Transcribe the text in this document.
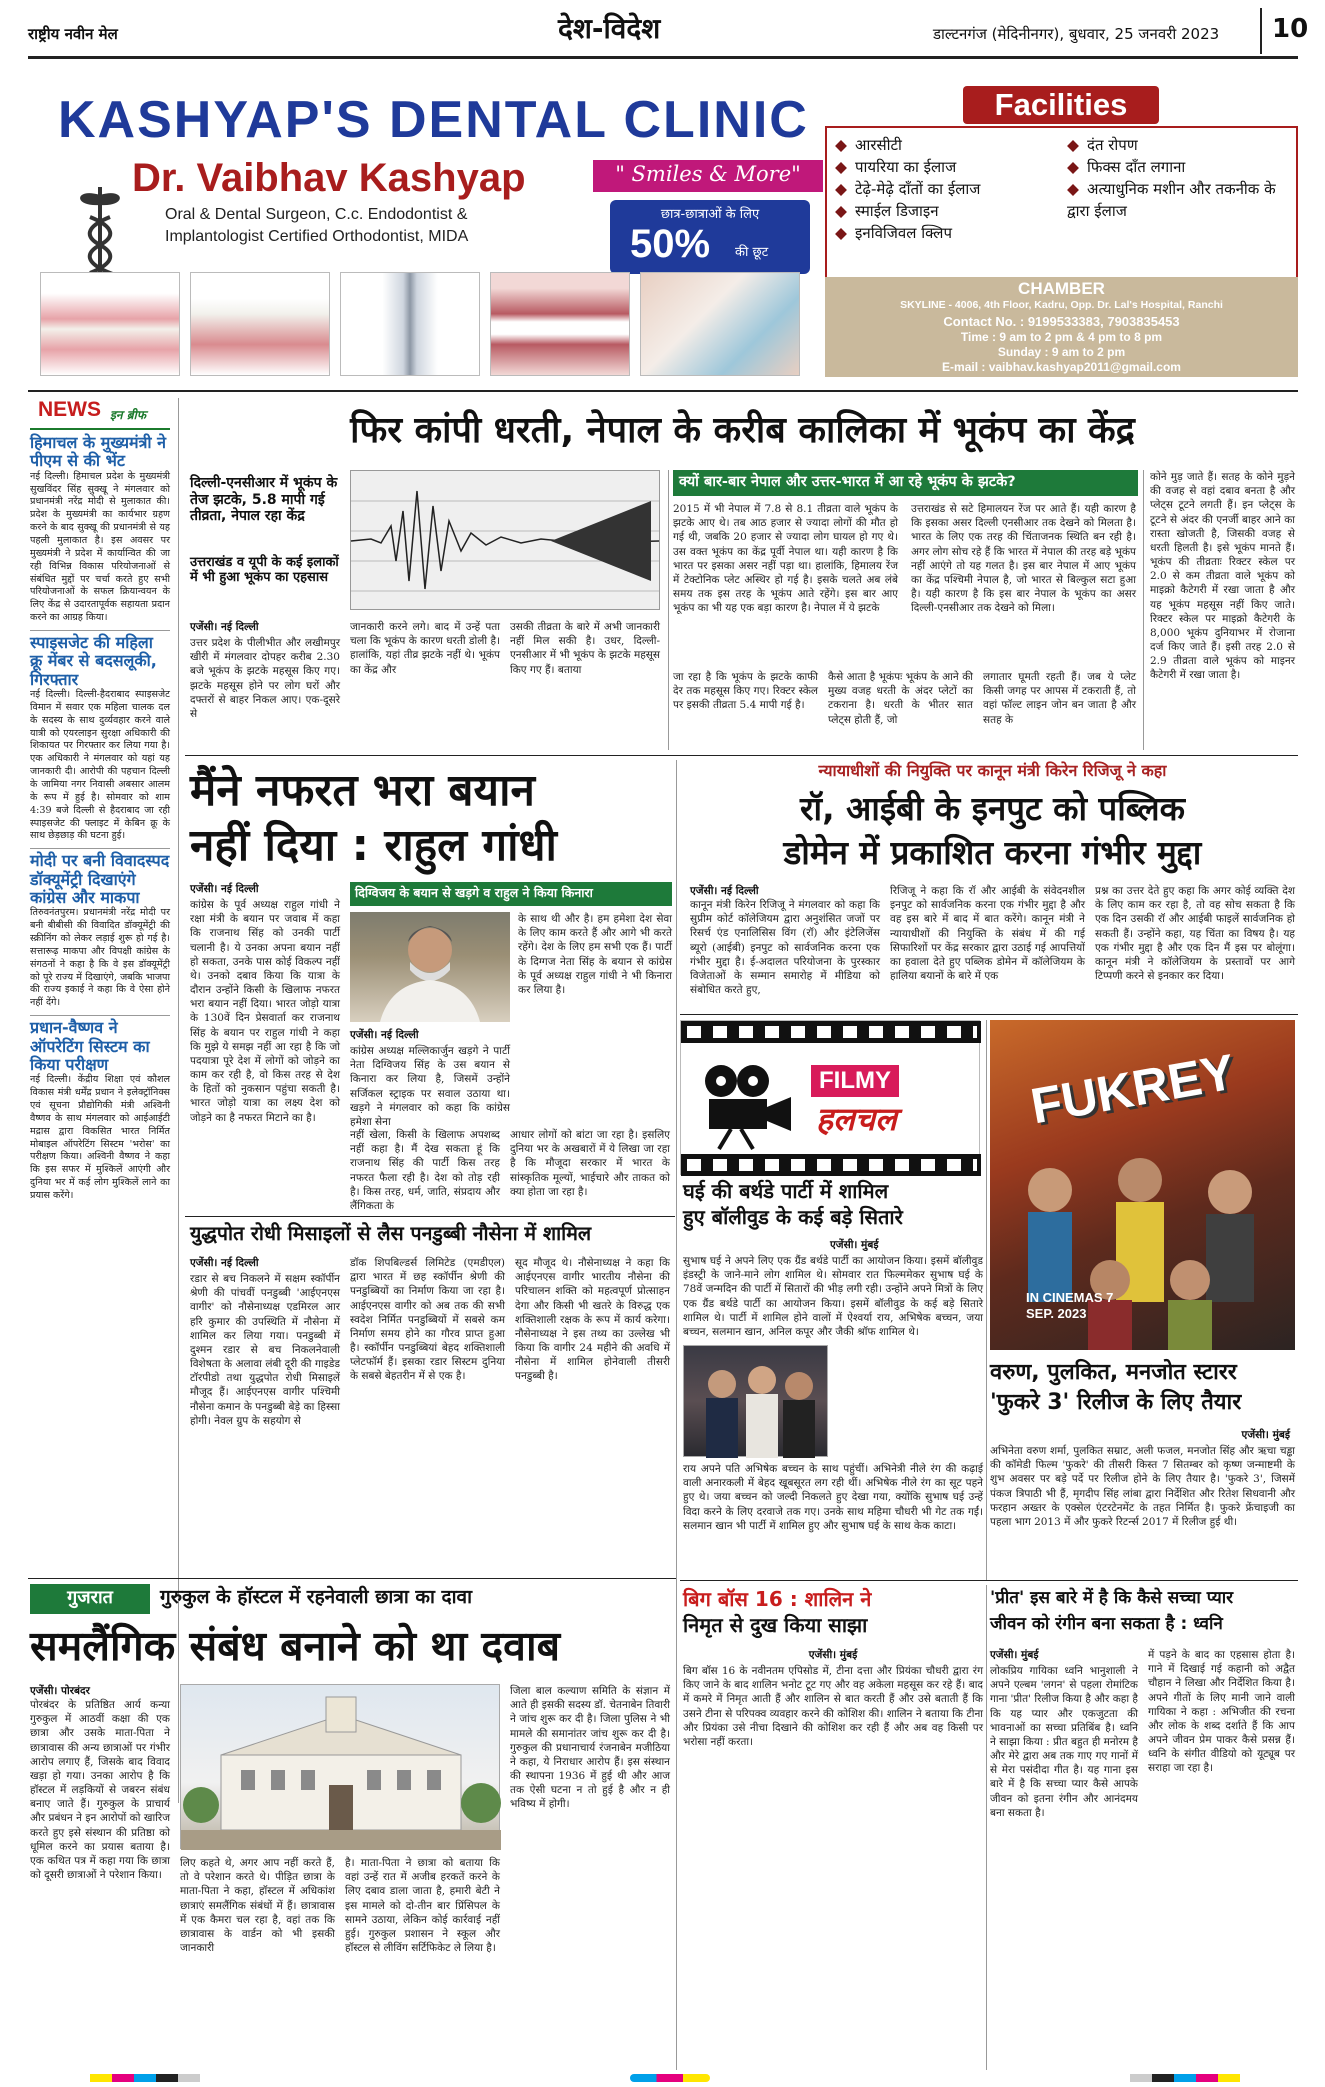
राष्ट्रीय नवीन मेल	देश-विदेश	डाल्टनगंज (मेदिनीनगर), बुधवार, 25 जनवरी 2023 10
KASHYAP'S DENTAL CLINIC
Dr. Vaibhav Kashyap
Oral & Dental Surgeon, C.c. Endodontist &
Implantologist Certified Orthodontist, MIDA
" Smiles & More"
छात्र-छात्राओं के लिए
50% की छूट
Facilities
आरसीटी
पायरिया का ईलाज
टेढ़े-मेढ़े दाँतों का ईलाज
स्माईल डिजाइन
इनविजिवल क्लिप
दंत रोपण
फिक्स दाँत लगाना
अत्याधुनिक मशीन और तकनीक के द्वारा ईलाज
CHAMBER
SKYLINE - 4006, 4th Floor, Kadru, Opp. Dr. Lal's Hospital, Ranchi
Contact No. : 9199533383, 7903835453
Time : 9 am to 2 pm & 4 pm to 8 pm
Sunday : 9 am to 2 pm
E-mail : vaibhav.kashyap2011@gmail.com
NEWS इन ब्रीफ
हिमाचल के मुख्यमंत्री ने पीएम से की भेंट
नई दिल्ली। हिमाचल प्रदेश के मुख्यमंत्री सुखविंदर सिंह सुक्खू ने मंगलवार को प्रधानमंत्री नरेंद्र मोदी से मुलाकात की। प्रदेश के मुख्यमंत्री का कार्यभार ग्रहण करने के बाद सुक्खू की प्रधानमंत्री से यह पहली मुलाकात है। इस अवसर पर मुख्यमंत्री ने प्रदेश में कार्यान्वित की जा रही विभिन्न विकास परियोजनाओं से संबंधित मुद्दों पर चर्चा करते हुए सभी परियोजनाओं के सफल क्रियान्वयन के लिए केंद्र से उदारतापूर्वक सहायता प्रदान करने का आग्रह किया।
स्पाइसजेट की महिला क्रू मेंबर से बदसलूकी, गिरफ्तार
नई दिल्ली। दिल्ली-हैदराबाद स्पाइसजेट विमान में सवार एक महिला चालक दल के सदस्य के साथ दुर्व्यवहार करने वाले यात्री को एयरलाइन सुरक्षा अधिकारी की शिकायत पर गिरफ्तार कर लिया गया है। एक अधिकारी ने मंगलवार को यहां यह जानकारी दी। आरोपी की पहचान दिल्ली के जामिया नगर निवासी अबसार आलम के रूप में हुई है। सोमवार को शाम 4:39 बजे दिल्ली से हैदराबाद जा रही स्पाइसजेट की फ्लाइट में केबिन क्रू के साथ छेड़छाड़ की घटना हुई।
मोदी पर बनी विवादस्पद डॉक्यूमेंट्री दिखाएंगे कांग्रेस और माकपा
तिरुवनंतपुरम। प्रधानमंत्री नरेंद्र मोदी पर बनी बीबीसी की विवादित डॉक्यूमेंट्री की स्क्रीनिंग को लेकर लड़ाई शुरू हो गई है। सत्तारूढ़ माकपा और विपक्षी कांग्रेस के संगठनों ने कहा है कि वे इस डॉक्यूमेंट्री को पूरे राज्य में दिखाएंगे, जबकि भाजपा की राज्य इकाई ने कहा कि वे ऐसा होने नहीं देंगे।
प्रधान-वैष्णव ने ऑपरेटिंग सिस्टम का किया परीक्षण
नई दिल्ली। केंद्रीय शिक्षा एवं कौशल विकास मंत्री धर्मेंद्र प्रधान ने इलेक्ट्रॉनिक्स एवं सूचना प्रौद्योगिकी मंत्री अश्विनी वैष्णव के साथ मंगलवार को आईआईटी मद्रास द्वारा विकसित भारत निर्मित मोबाइल ऑपरेटिंग सिस्टम 'भरोस' का परीक्षण किया। अश्विनी वैष्णव ने कहा कि इस सफर में मुश्किलें आएंगी और दुनिया भर में कई लोग मुश्किलें लाने का प्रयास करेंगे।
फिर कांपी धरती, नेपाल के करीब कालिका में भूकंप का केंद्र
दिल्ली-एनसीआर में भूकंप के तेज झटके, 5.8 मापी गई तीव्रता, नेपाल रहा केंद्र
उत्तराखंड व यूपी के कई इलाकों में भी हुआ भूकंप का एहसास
एजेंसी। नई दिल्ली
उत्तर प्रदेश के पीलीभीत और लखीमपुर खीरी में मंगलवार दोपहर करीब 2.30 बजे भूकंप के झटके महसूस किए गए। झटके महसूस होने पर लोग घरों और दफ्तरों से बाहर निकल आए। एक-दूसरे से
जानकारी करने लगे। बाद में उन्हें पता चला कि भूकंप के कारण धरती डोली है। हालांकि, यहां तीव्र झटके नहीं थे। भूकंप का केंद्र और
उसकी तीव्रता के बारे में अभी जानकारी नहीं मिल सकी है। उधर, दिल्ली-एनसीआर में भी भूकंप के झटके महसूस किए गए हैं। बताया
क्यों बार-बार नेपाल और उत्तर-भारत में आ रहे भूकंप के झटके?
2015 में भी नेपाल में 7.8 से 8.1 तीव्रता वाले भूकंप के झटके आए थे। तब आठ हजार से ज्यादा लोगों की मौत हो गई थी, जबकि 20 हजार से ज्यादा लोग घायल हो गए थे। उस वक्त भूकंप का केंद्र पूर्वी नेपाल था। यही कारण है कि भारत पर इसका असर नहीं पड़ा था। हालांकि, हिमालय रेंज में टेक्टोनिक प्लेट अस्थिर हो गई है। इसके चलते अब लंबे समय तक इस तरह के भूकंप आते रहेंगे। इस बार आए भूकंप का भी यह एक बड़ा कारण है। नेपाल में ये झटके
उत्तराखंड से सटे हिमालयन रेंज पर आते हैं। यही कारण है कि इसका असर दिल्ली एनसीआर तक देखने को मिलता है। भारत के लिए एक तरह की चिंताजनक स्थिति बन रही है। अगर लोग सोच रहे हैं कि भारत में नेपाल की तरह बड़े भूकंप नहीं आएंगे तो यह गलत है। इस बार नेपाल में आए भूकंप का केंद्र पश्चिमी नेपाल है, जो भारत से बिल्कुल सटा हुआ है। यही कारण है कि इस बार नेपाल के भूकंप का असर दिल्ली-एनसीआर तक देखने को मिला।
जा रहा है कि भूकंप के झटके काफी देर तक महसूस किए गए। रिक्टर स्केल पर इसकी तीव्रता 5.4 मापी गई है।
कैसे आता है भूकंपः भूकंप के आने की मुख्य वजह धरती के अंदर प्लेटों का टकराना है। धरती के भीतर सात प्लेट्स होती हैं, जो
लगातार घूमती रहती हैं। जब ये प्लेट किसी जगह पर आपस में टकराती हैं, तो वहां फॉल्ट लाइन जोन बन जाता है और सतह के
कोने मुड़ जाते हैं। सतह के कोने मुड़ने की वजह से वहां दबाव बनता है और प्लेट्स टूटने लगती हैं। इन प्लेट्स के टूटने से अंदर की एनर्जी बाहर आने का रास्ता खोजती है, जिसकी वजह से धरती हिलती है। इसे भूकंप मानते हैं। भूकंप की तीव्रताः रिक्टर स्केल पर 2.0 से कम तीव्रता वाले भूकंप को माइक्रो कैटेगरी में रखा जाता है और यह भूकंप महसूस नहीं किए जाते। रिक्टर स्केल पर माइक्रो कैटेगरी के 8,000 भूकंप दुनियाभर में रोजाना दर्ज किए जाते हैं। इसी तरह 2.0 से 2.9 तीव्रता वाले भूकंप को माइनर कैटेगरी में रखा जाता है।
मैंने नफरत भरा बयान
नहीं दिया : राहुल गांधी
एजेंसी। नई दिल्ली
कांग्रेस के पूर्व अध्यक्ष राहुल गांधी ने रक्षा मंत्री के बयान पर जवाब में कहा कि राजनाथ सिंह को उनकी पार्टी चलानी है। ये उनका अपना बयान नहीं हो सकता, उनके पास कोई विकल्प नहीं थे। उनको दबाव किया कि यात्रा के दौरान उन्होंने किसी के खिलाफ नफरत भरा बयान नहीं दिया। भारत जोड़ो यात्रा के 130वें दिन प्रेसवार्ता कर राजनाथ सिंह के बयान पर राहुल गांधी ने कहा कि मुझे ये समझ नहीं आ रहा है कि जो पदयात्रा पूरे देश में लोगों को जोड़ने का काम कर रही है, वो किस तरह से देश के हितों को नुकसान पहुंचा सकती है। भारत जोड़ो यात्रा का लक्ष्य देश को जोड़ने का है नफरत मिटाने का है।
दिग्विजय के बयान से खड़गे व राहुल ने किया किनारा
एजेंसी। नई दिल्ली
कांग्रेस अध्यक्ष मल्लिकार्जुन खड़गे ने पार्टी नेता दिग्विजय सिंह के उस बयान से किनारा कर लिया है, जिसमें उन्होंने सर्जिकल स्ट्राइक पर सवाल उठाया था। खड़गे ने मंगलवार को कहा कि कांग्रेस हमेशा सेना
के साथ थी और है। हम हमेशा देश सेवा के लिए काम करते हैं और आगे भी करते रहेंगे। देश के लिए हम सभी एक हैं। पार्टी के दिग्गज नेता सिंह के बयान से कांग्रेस के पूर्व अध्यक्ष राहुल गांधी ने भी किनारा कर लिया है।
नहीं खेला, किसी के खिलाफ अपशब्द नहीं कहा है। मैं देख सकता हूं कि राजनाथ सिंह की पार्टी किस तरह नफरत फैला रही है। देश को तोड़ रही है। किस तरह, धर्म, जाति, संप्रदाय और लैंगिकता के
आधार लोगों को बांटा जा रहा है। इसलिए दुनिया भर के अखबारों में ये लिखा जा रहा है कि मौजूदा सरकार में भारत के सांस्कृतिक मूल्यों, भाईचारे और ताकत को क्या होता जा रहा है।
न्यायाधीशों की नियुक्ति पर कानून मंत्री किरेन रिजिजू ने कहा
रॉ, आईबी के इनपुट को पब्लिक
डोमेन में प्रकाशित करना गंभीर मुद्दा
एजेंसी। नई दिल्ली
कानून मंत्री किरेन रिजिजू ने मंगलवार को कहा कि सुप्रीम कोर्ट कॉलेजियम द्वारा अनुशंसित जजों पर रिसर्च एंड एनालिसिस विंग (रॉ) और इंटेलिजेंस ब्यूरो (आईबी) इनपुट को सार्वजनिक करना एक गंभीर मुद्दा है। ई-अदालत परियोजना के पुरस्कार विजेताओं के सम्मान समारोह में मीडिया को संबोधित करते हुए,
रिजिजू ने कहा कि रॉ और आईबी के संवेदनशील इनपुट को सार्वजनिक करना एक गंभीर मुद्दा है और वह इस बारे में बाद में बात करेंगे। कानून मंत्री ने न्यायाधीशों की नियुक्ति के संबंध में की गई सिफारिशों पर केंद्र सरकार द्वारा उठाई गई आपत्तियों का हवाला देते हुए पब्लिक डोमेन में कॉलेजियम के हालिया बयानों के बारे में एक
प्रश्न का उत्तर देते हुए कहा कि अगर कोई व्यक्ति देश के लिए काम कर रहा है, तो वह सोच सकता है कि एक दिन उसकी रॉ और आईबी फाइलें सार्वजनिक हो सकती हैं। उन्होंने कहा, यह चिंता का विषय है। यह एक गंभीर मुद्दा है और एक दिन मैं इस पर बोलूंगा। कानून मंत्री ने कॉलेजियम के प्रस्तावों पर आगे टिप्पणी करने से इनकार कर दिया।
FILMY
हलचल	FUKREY
IN CINEMAS 7 SEP. 2023
घई की बर्थडे पार्टी में शामिल
हुए बॉलीवुड के कई बड़े सितारे
एजेंसी। मुंबई
सुभाष घई ने अपने लिए एक ग्रैंड बर्थडे पार्टी का आयोजन किया। इसमें बॉलीवुड इंडस्ट्री के जाने-माने लोग शामिल थे। सोमवार रात फिल्ममेकर सुभाष घई के 78वें जन्मदिन की पार्टी में सितारों की भीड़ लगी रही। उन्होंने अपने मित्रों के लिए एक ग्रैंड बर्थडे पार्टी का आयोजन किया। इसमें बॉलीवुड के कई बड़े सितारे शामिल थे। पार्टी में शामिल होने वालों में ऐश्वर्या राय, अभिषेक बच्चन, जया बच्चन, सलमान खान, अनिल कपूर और जैकी श्रॉफ शामिल थे।
राय अपने पति अभिषेक बच्चन के साथ पहुंचीं। अभिनेत्री नीले रंग की कढ़ाई वाली अनारकली में बेहद खूबसूरत लग रही थीं। अभिषेक नीले रंग का सूट पहने हुए थे। जया बच्चन को जल्दी निकलते हुए देखा गया, क्योंकि सुभाष घई उन्हें विदा करने के लिए दरवाजे तक गए। उनके साथ महिमा चौधरी भी गेट तक गईं। सलमान खान भी पार्टी में शामिल हुए और सुभाष घई के साथ केक काटा।
वरुण, पुलकित, मनजोत स्टारर
'फुकरे 3' रिलीज के लिए तैयार
एजेंसी। मुंबई
अभिनेता वरुण शर्मा, पुलकित सम्राट, अली फजल, मनजोत सिंह और ऋचा चड्ढा की कॉमेडी फिल्म 'फुकरे' की तीसरी किस्त 7 सितम्बर को कृष्ण जन्माष्टमी के शुभ अवसर पर बड़े पर्दे पर रिलीज होने के लिए तैयार है। 'फुकरे 3', जिसमें पंकज त्रिपाठी भी हैं, मृगदीप सिंह लांबा द्वारा निर्देशित और रितेश सिधवानी और फरहान अख्तर के एक्सेल एंटरटेनमेंट के तहत निर्मित है। फुकरे फ्रेंचाइजी का पहला भाग 2013 में और फुकरे रिटर्न्स 2017 में रिलीज हुई थी।
युद्धपोत रोधी मिसाइलों से लैस पनडुब्बी नौसेना में शामिल
एजेंसी। नई दिल्ली
रडार से बच निकलने में सक्षम स्कॉर्पीन श्रेणी की पांचवीं पनडुब्बी 'आईएनएस वागीर' को नौसेनाध्यक्ष एडमिरल आर हरि कुमार की उपस्थिति में नौसेना में शामिल कर लिया गया। पनडुब्बी में दुश्मन रडार से बच निकलनेवाली विशेषता के अलावा लंबी दूरी की गाइडेड टॉरपीडो तथा युद्धपोत रोधी मिसाइलें मौजूद हैं। आईएनएस वागीर पश्चिमी नौसेना कमान के पनडुब्बी बेड़े का हिस्सा होगी। नेवल ग्रुप के सहयोग से
डॉक शिपबिल्डर्स लिमिटेड (एमडीएल) द्वारा भारत में छह स्कॉर्पीन श्रेणी की पनडुब्बियों का निर्माण किया जा रहा है। आईएनएस वागीर को अब तक की सभी स्वदेश निर्मित पनडुब्बियों में सबसे कम निर्माण समय होने का गौरव प्राप्त हुआ है। स्कॉर्पीन पनडुब्बियां बेहद शक्तिशाली प्लेटफॉर्म हैं। इसका रडार सिस्टम दुनिया के सबसे बेहतरीन में से एक है।
सूद मौजूद थे। नौसेनाध्यक्ष ने कहा कि आईएनएस वागीर भारतीय नौसेना की परिचालन शक्ति को महत्वपूर्ण प्रोत्साहन देगा और किसी भी खतरे के विरुद्ध एक शक्तिशाली रक्षक के रूप में कार्य करेगा। नौसेनाध्यक्ष ने इस तथ्य का उल्लेख भी किया कि वागीर 24 महीने की अवधि में नौसेना में शामिल होनेवाली तीसरी पनडुब्बी है।
गुजरात	गुरुकुल के हॉस्टल में रहनेवाली छात्रा का दावा
समलैंगिक संबंध बनाने को था दवाब
एजेंसी। पोरबंदर
पोरबंदर के प्रतिष्ठित आर्य कन्या गुरुकुल में आठवीं कक्षा की एक छात्रा और उसके माता-पिता ने छात्रावास की अन्य छात्राओं पर गंभीर आरोप लगाए हैं, जिसके बाद विवाद खड़ा हो गया। उनका आरोप है कि हॉस्टल में लड़कियों से जबरन संबंध बनाए जाते हैं। गुरुकुल के प्राचार्य और प्रबंधन ने इन आरोपों को खारिज करते हुए इसे संस्थान की प्रतिष्ठा को धूमिल करने का प्रयास बताया है। एक कथित पत्र में कहा गया कि छात्रा को दूसरी छात्राओं ने परेशान किया।
लिए कहते थे, अगर आप नहीं करते हैं, तो वे परेशान करते थे। पीड़ित छात्रा के माता-पिता ने कहा, हॉस्टल में अधिकांश छात्राएं समलैंगिक संबंधों में हैं। छात्रावास में एक कैमरा चल रहा है, वहां तक कि छात्रावास के वार्डन को भी इसकी जानकारी
है। माता-पिता ने छात्रा को बताया कि वहां उन्हें रात में अजीब हरकतें करने के लिए दबाव डाला जाता है, हमारी बेटी ने इस मामले को दो-तीन बार प्रिंसिपल के सामने उठाया, लेकिन कोई कार्रवाई नहीं हुई। गुरुकुल प्रशासन ने स्कूल और हॉस्टल से लीविंग सर्टिफिकेट ले लिया है।
जिला बाल कल्याण समिति के संज्ञान में आते ही इसकी सदस्य डॉ. चेतनाबेन तिवारी ने जांच शुरू कर दी है। जिला पुलिस ने भी मामले की समानांतर जांच शुरू कर दी है। गुरुकुल की प्रधानाचार्य रंजनाबेन मजीठिया ने कहा, ये निराधार आरोप हैं। इस संस्थान की स्थापना 1936 में हुई थी और आज तक ऐसी घटना न तो हुई है और न ही भविष्य में होगी।
बिग बॉस 16 : शालिन ने
निमृत से दुख किया साझा
एजेंसी। मुंबई
बिग बॉस 16 के नवीनतम एपिसोड में, टीना दत्ता और प्रियंका चौधरी द्वारा रंग किए जाने के बाद शालिन भनोट टूट गए और वह अकेला महसूस कर रहे हैं। बाद में कमरे में निमृत आती हैं और शालिन से बात करती हैं और उसे बताती हैं कि उसने टीना से परिपक्व व्यवहार करने की कोशिश की। शालिन ने बताया कि टीना और प्रियंका उसे नीचा दिखाने की कोशिश कर रही हैं और अब वह किसी पर भरोसा नहीं करता।
'प्रीत' इस बारे में है कि कैसे सच्चा प्यार
जीवन को रंगीन बना सकता है : ध्वनि
एजेंसी। मुंबई
लोकप्रिय गायिका ध्वनि भानुशाली ने अपने एल्बम 'लगन' से पहला रोमांटिक गाना 'प्रीत' रिलीज किया है और कहा है कि यह प्यार और एकजुटता की भावनाओं का सच्चा प्रतिबिंब है। ध्वनि ने साझा किया : प्रीत बहुत ही मनोरम है और मेरे द्वारा अब तक गाए गए गानों में से मेरा पसंदीदा गीत है। यह गाना इस बारे में है कि सच्चा प्यार कैसे आपके जीवन को इतना रंगीन और आनंदमय बना सकता है।
में पड़ने के बाद का एहसास होता है। गाने में दिखाई गई कहानी को अद्वैत चौहान ने लिखा और निर्देशित किया है। अपने गीतों के लिए मानी जाने वाली गायिका ने कहा : अभिजीत की रचना और लोक के शब्द दर्शाते हैं कि आप अपने जीवन प्रेम पाकर कैसे प्रसन्न हैं। ध्वनि के संगीत वीडियो को यूट्यूब पर सराहा जा रहा है।
